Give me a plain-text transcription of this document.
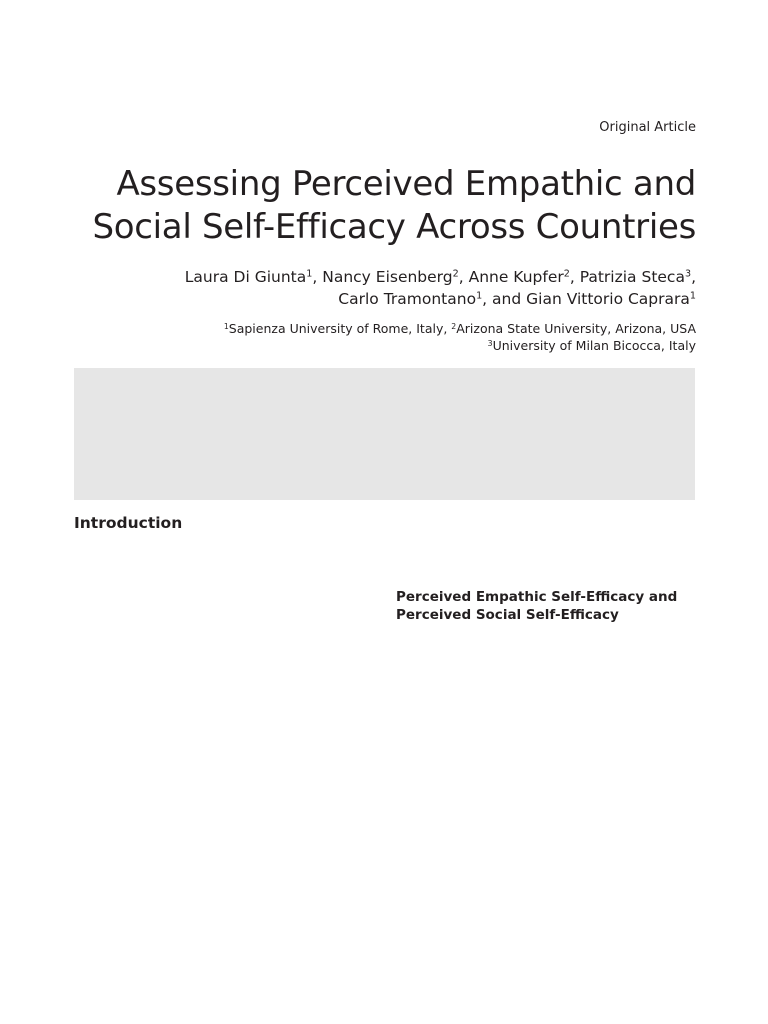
Original Article
Assessing Perceived Empathic and
Social Self-Efficacy Across Countries
Laura Di Giunta$^1$, Nancy Eisenberg$^2$, Anne Kupfer$^2$, Patrizia Steca$^3$,
Carlo Tramontano$^1$, and Gian Vittorio Caprara$^1$
$^1$Sapienza University of Rome, Italy, $^2$Arizona State University, Arizona, USA
$^3$University of Milan Bicocca, Italy
Introduction
Perceived Empathic Self-Efficacy and
Perceived Social Self-Efficacy
